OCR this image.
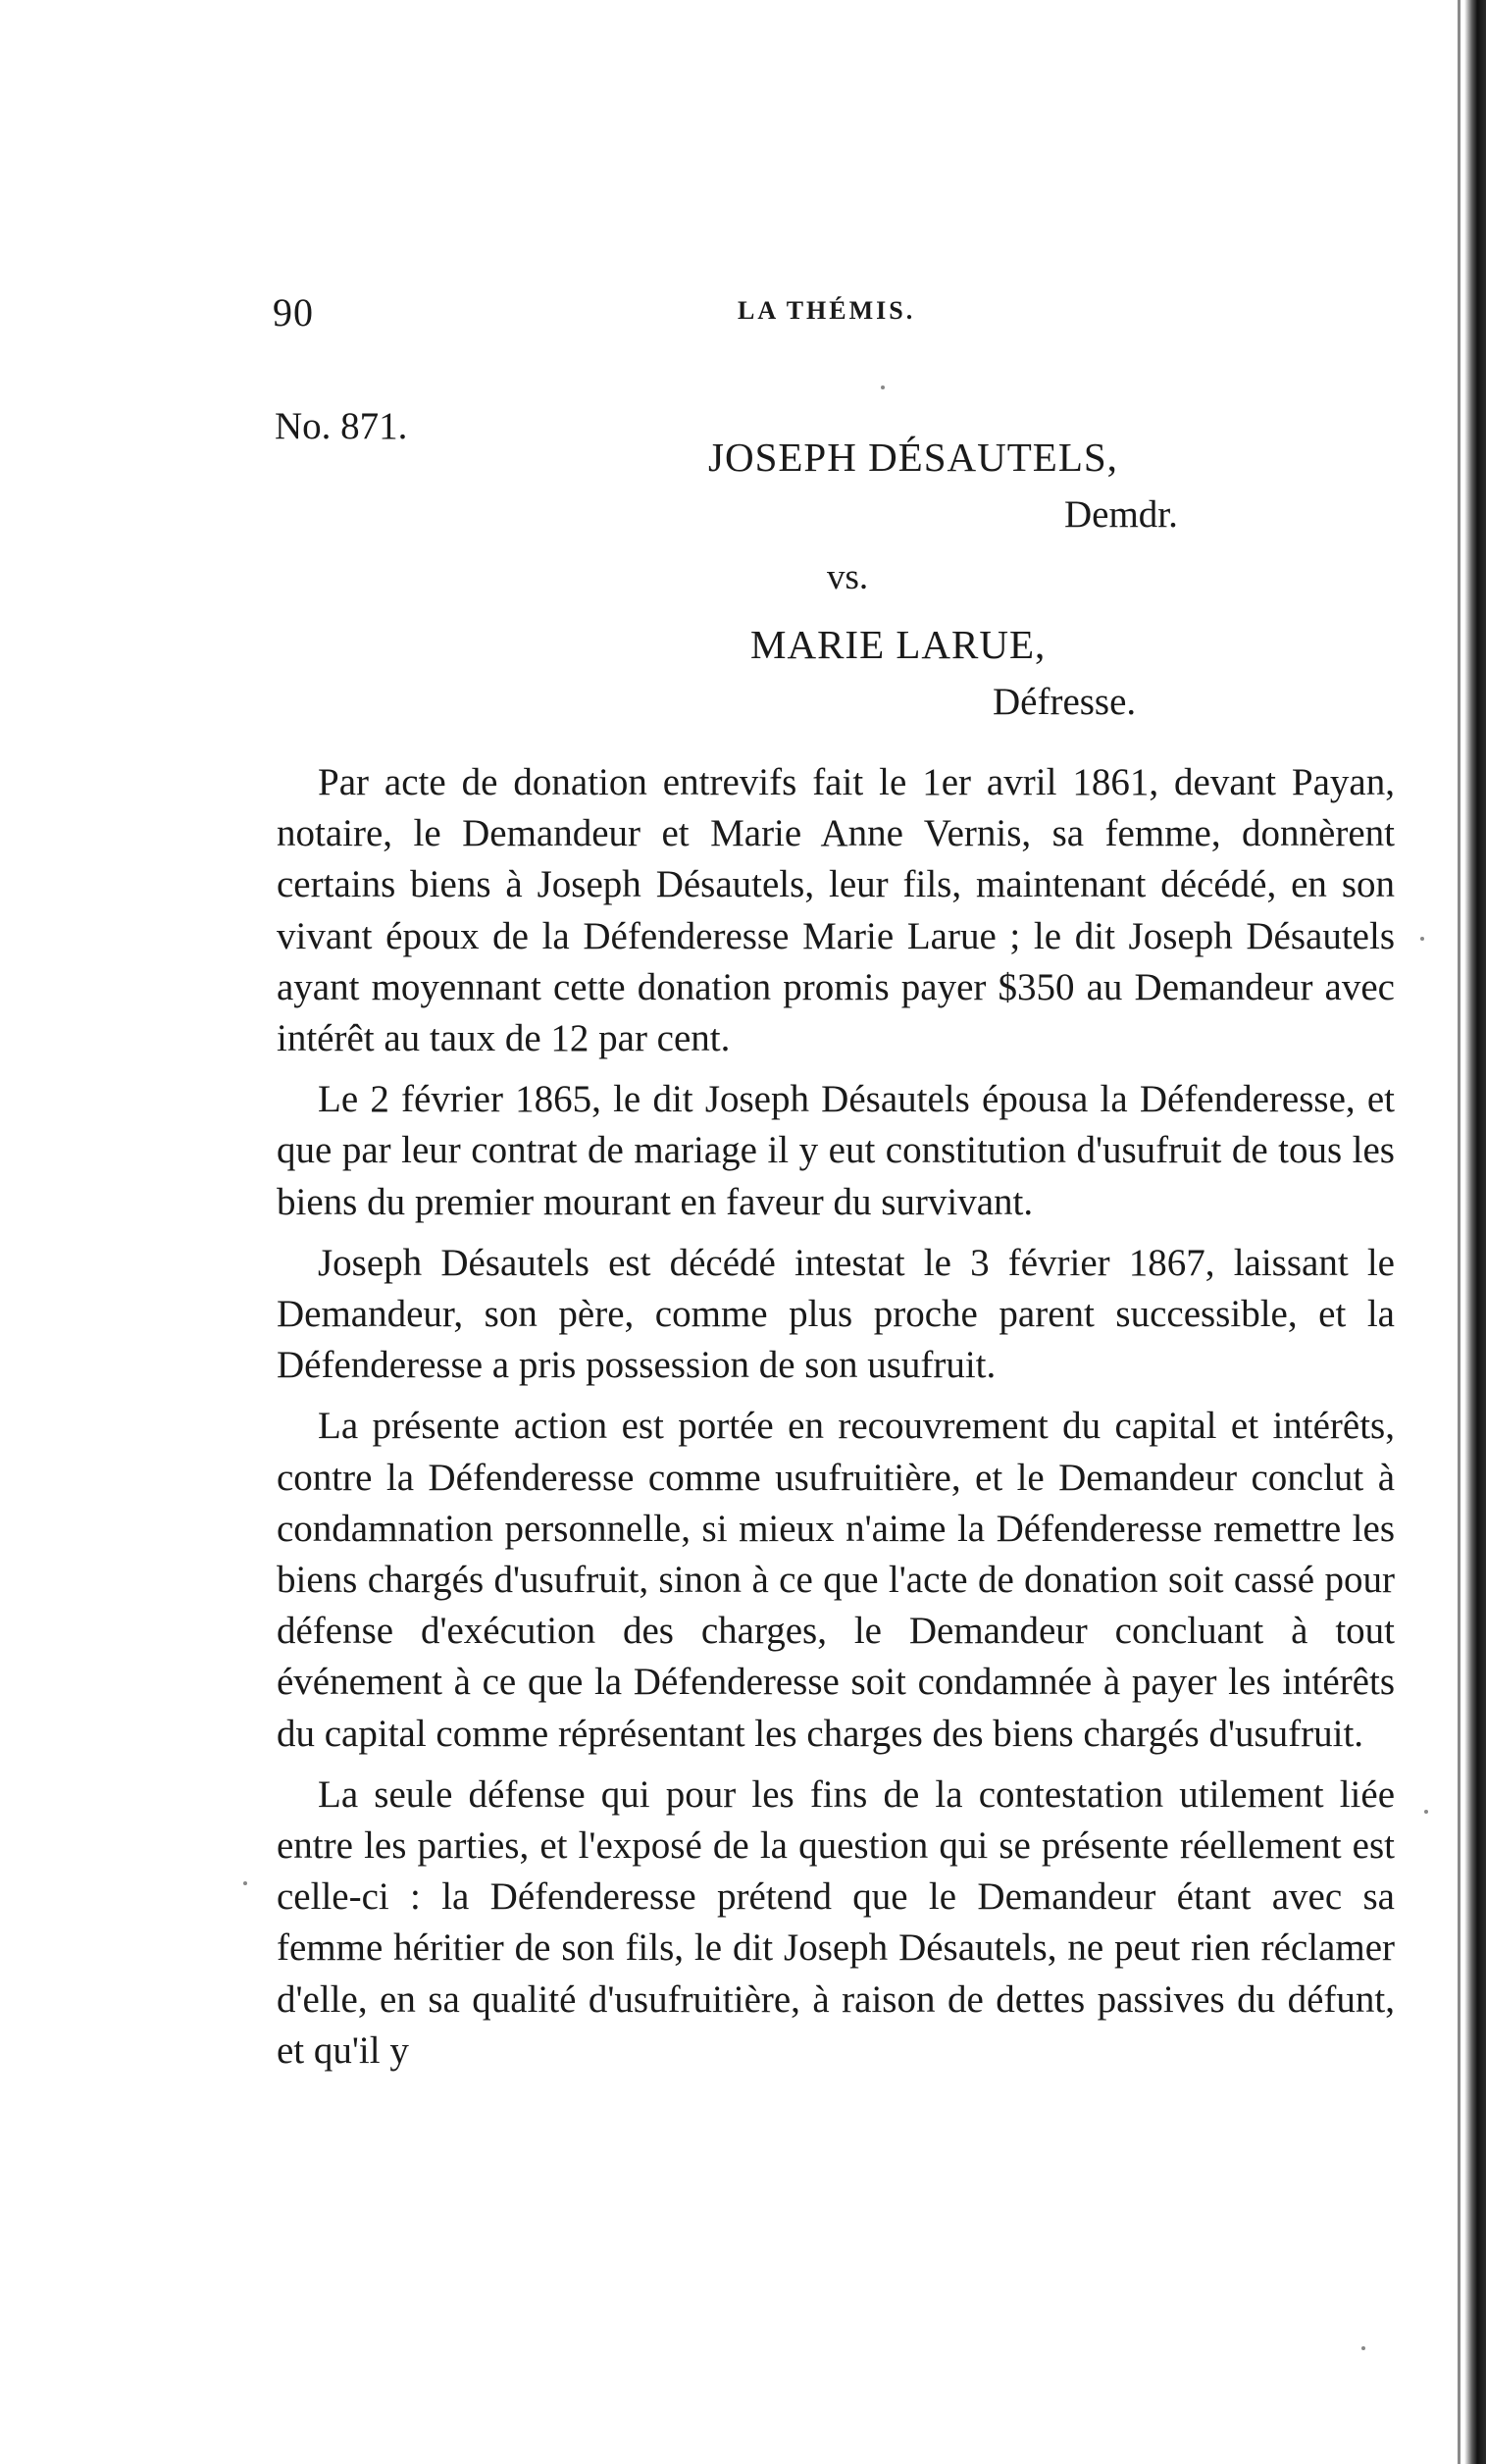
90	LA THÉMIS.
No. 871.
JOSEPH DÉSAUTELS,
Demdr.
vs.
MARIE LARUE,
Défresse.

Par acte de donation entrevifs fait le 1er avril 1861, devant Payan, notaire, le Demandeur et Marie Anne Vernis, sa femme, donnèrent certains biens à Joseph Désautels, leur fils, maintenant décédé, en son vivant époux de la Défenderesse Marie Larue ; le dit Joseph Désautels ayant moyennant cette donation promis payer $350 au Demandeur avec intérêt au taux de 12 par cent.

Le 2 février 1865, le dit Joseph Désautels épousa la Défenderesse, et que par leur contrat de mariage il y eut constitution d'usufruit de tous les biens du premier mourant en faveur du survivant.

Joseph Désautels est décédé intestat le 3 février 1867, laissant le Demandeur, son père, comme plus proche parent successible, et la Défenderesse a pris possession de son usufruit.

La présente action est portée en recouvrement du capital et intérêts, contre la Défenderesse comme usufruitière, et le Demandeur conclut à condamnation personnelle, si mieux n'aime la Défenderesse remettre les biens chargés d'usufruit, sinon à ce que l'acte de donation soit cassé pour défense d'exécution des charges, le Demandeur concluant à tout événement à ce que la Défenderesse soit condamnée à payer les intérêts du capital comme réprésentant les charges des biens chargés d'usufruit.

La seule défense qui pour les fins de la contestation utilement liée entre les parties, et l'exposé de la question qui se présente réellement est celle-ci : la Défenderesse prétend que le Demandeur étant avec sa femme héritier de son fils, le dit Joseph Désautels, ne peut rien réclamer d'elle, en sa qualité d'usufruitière, à raison de dettes passives du défunt, et qu'il y
